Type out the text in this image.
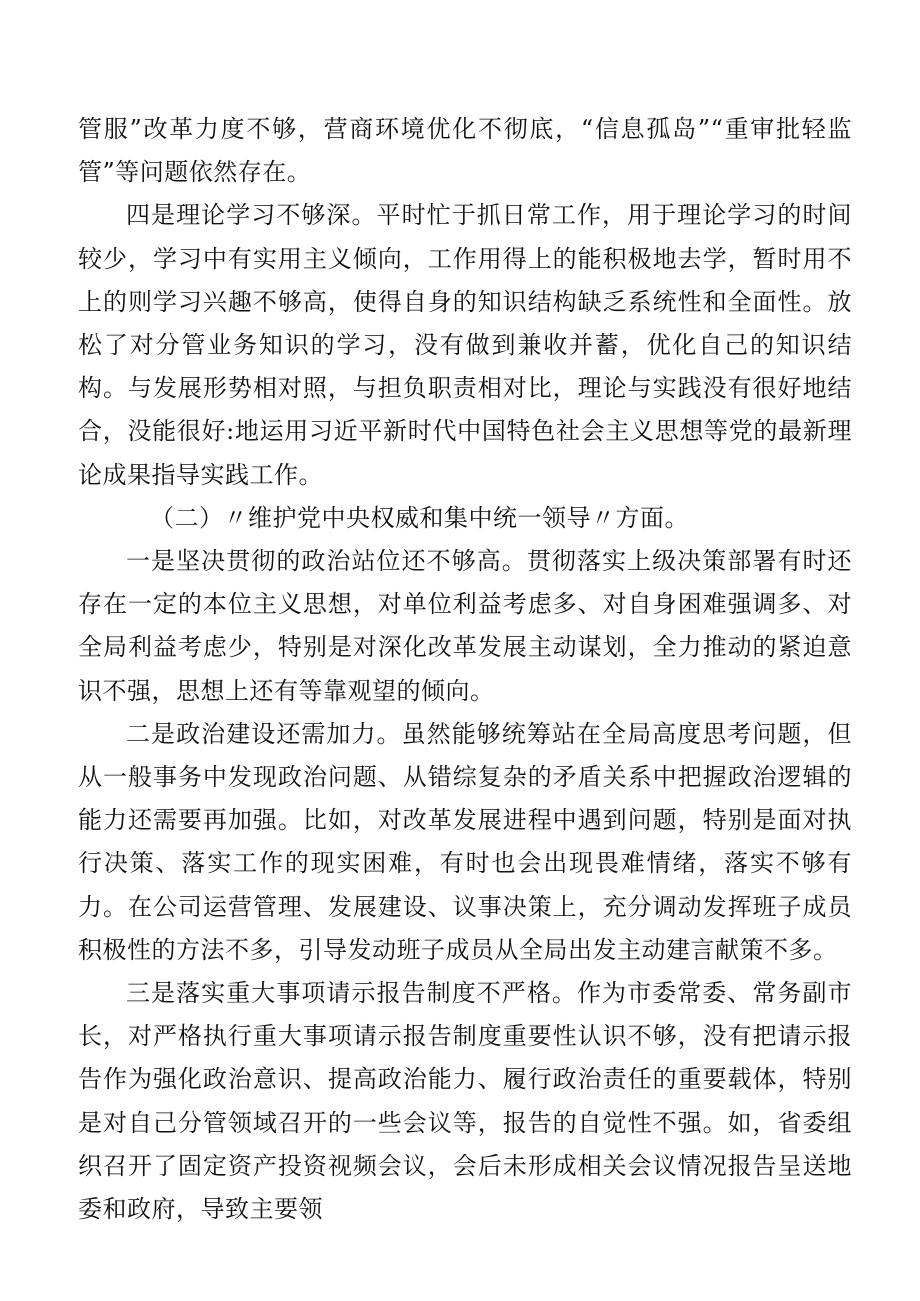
管服”改革力度不够，营商环境优化不彻底，“信息孤岛”“重审批轻监管”等问题依然存在。

四是理论学习不够深。平时忙于抓日常工作，用于理论学习的时间较少，学习中有实用主义倾向，工作用得上的能积极地去学，暂时用不上的则学习兴趣不够高，使得自身的知识结构缺乏系统性和全面性。放松了对分管业务知识的学习，没有做到兼收并蓄，优化自己的知识结构。与发展形势相对照，与担负职责相对比，理论与实践没有很好地结合，没能很好:地运用习近平新时代中国特色社会主义思想等党的最新理论成果指导实践工作。

（二）〃维护党中央权威和集中统一领导〃方面。

一是坚决贯彻的政治站位还不够高。贯彻落实上级决策部署有时还存在一定的本位主义思想，对单位利益考虑多、对自身困难强调多、对全局利益考虑少，特别是对深化改革发展主动谋划，全力推动的紧迫意识不强，思想上还有等靠观望的倾向。

二是政治建设还需加力。虽然能够统筹站在全局高度思考问题，但从一般事务中发现政治问题、从错综复杂的矛盾关系中把握政治逻辑的能力还需要再加强。比如，对改革发展进程中遇到问题，特别是面对执行决策、落实工作的现实困难，有时也会出现畏难情绪，落实不够有力。在公司运营管理、发展建设、议事决策上，充分调动发挥班子成员积极性的方法不多，引导发动班子成员从全局出发主动建言献策不多。

三是落实重大事项请示报告制度不严格。作为市委常委、常务副市长，对严格执行重大事项请示报告制度重要性认识不够，没有把请示报告作为强化政治意识、提高政治能力、履行政治责任的重要载体，特别是对自己分管领域召开的一些会议等，报告的自觉性不强。如，省委组织召开了固定资产投资视频会议，会后未形成相关会议情况报告呈送地委和政府，导致主要领
